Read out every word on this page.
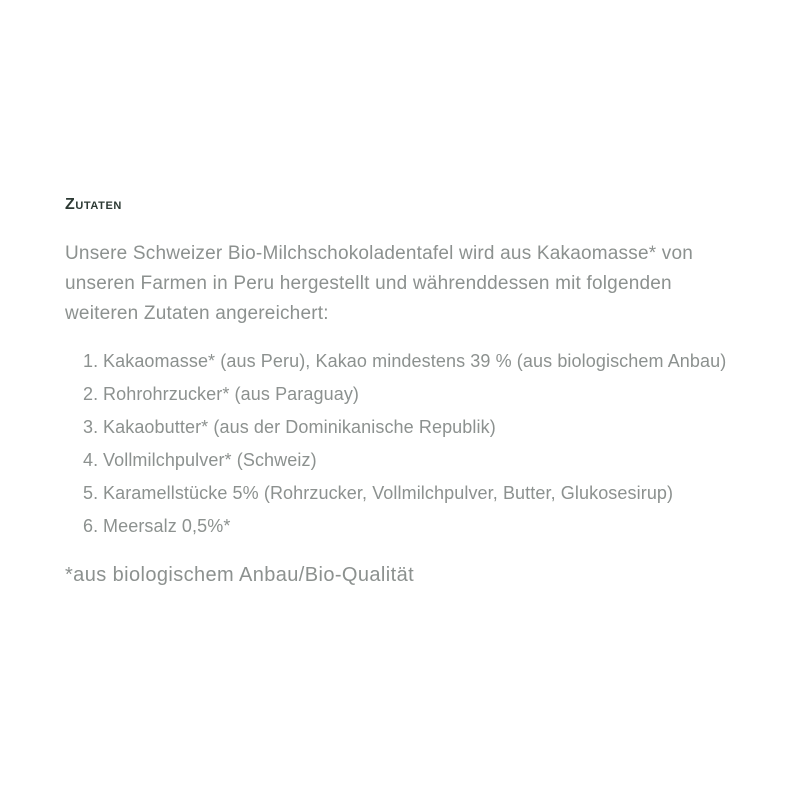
Zutaten

Unsere Schweizer Bio-Milchschokoladentafel wird aus Kakaomasse* von
unseren Farmen in Peru hergestellt und währenddessen mit folgenden
weiteren Zutaten angereichert:

1. Kakaomasse* (aus Peru), Kakao mindestens 39 % (aus biologischem Anbau)
2. Rohrohrzucker* (aus Paraguay)
3. Kakaobutter* (aus der Dominikanische Republik)
4. Vollmilchpulver* (Schweiz)
5. Karamellstücke 5% (Rohrzucker, Vollmilchpulver, Butter, Glukosesirup)
6. Meersalz 0,5%*

*aus biologischem Anbau/Bio-Qualität
